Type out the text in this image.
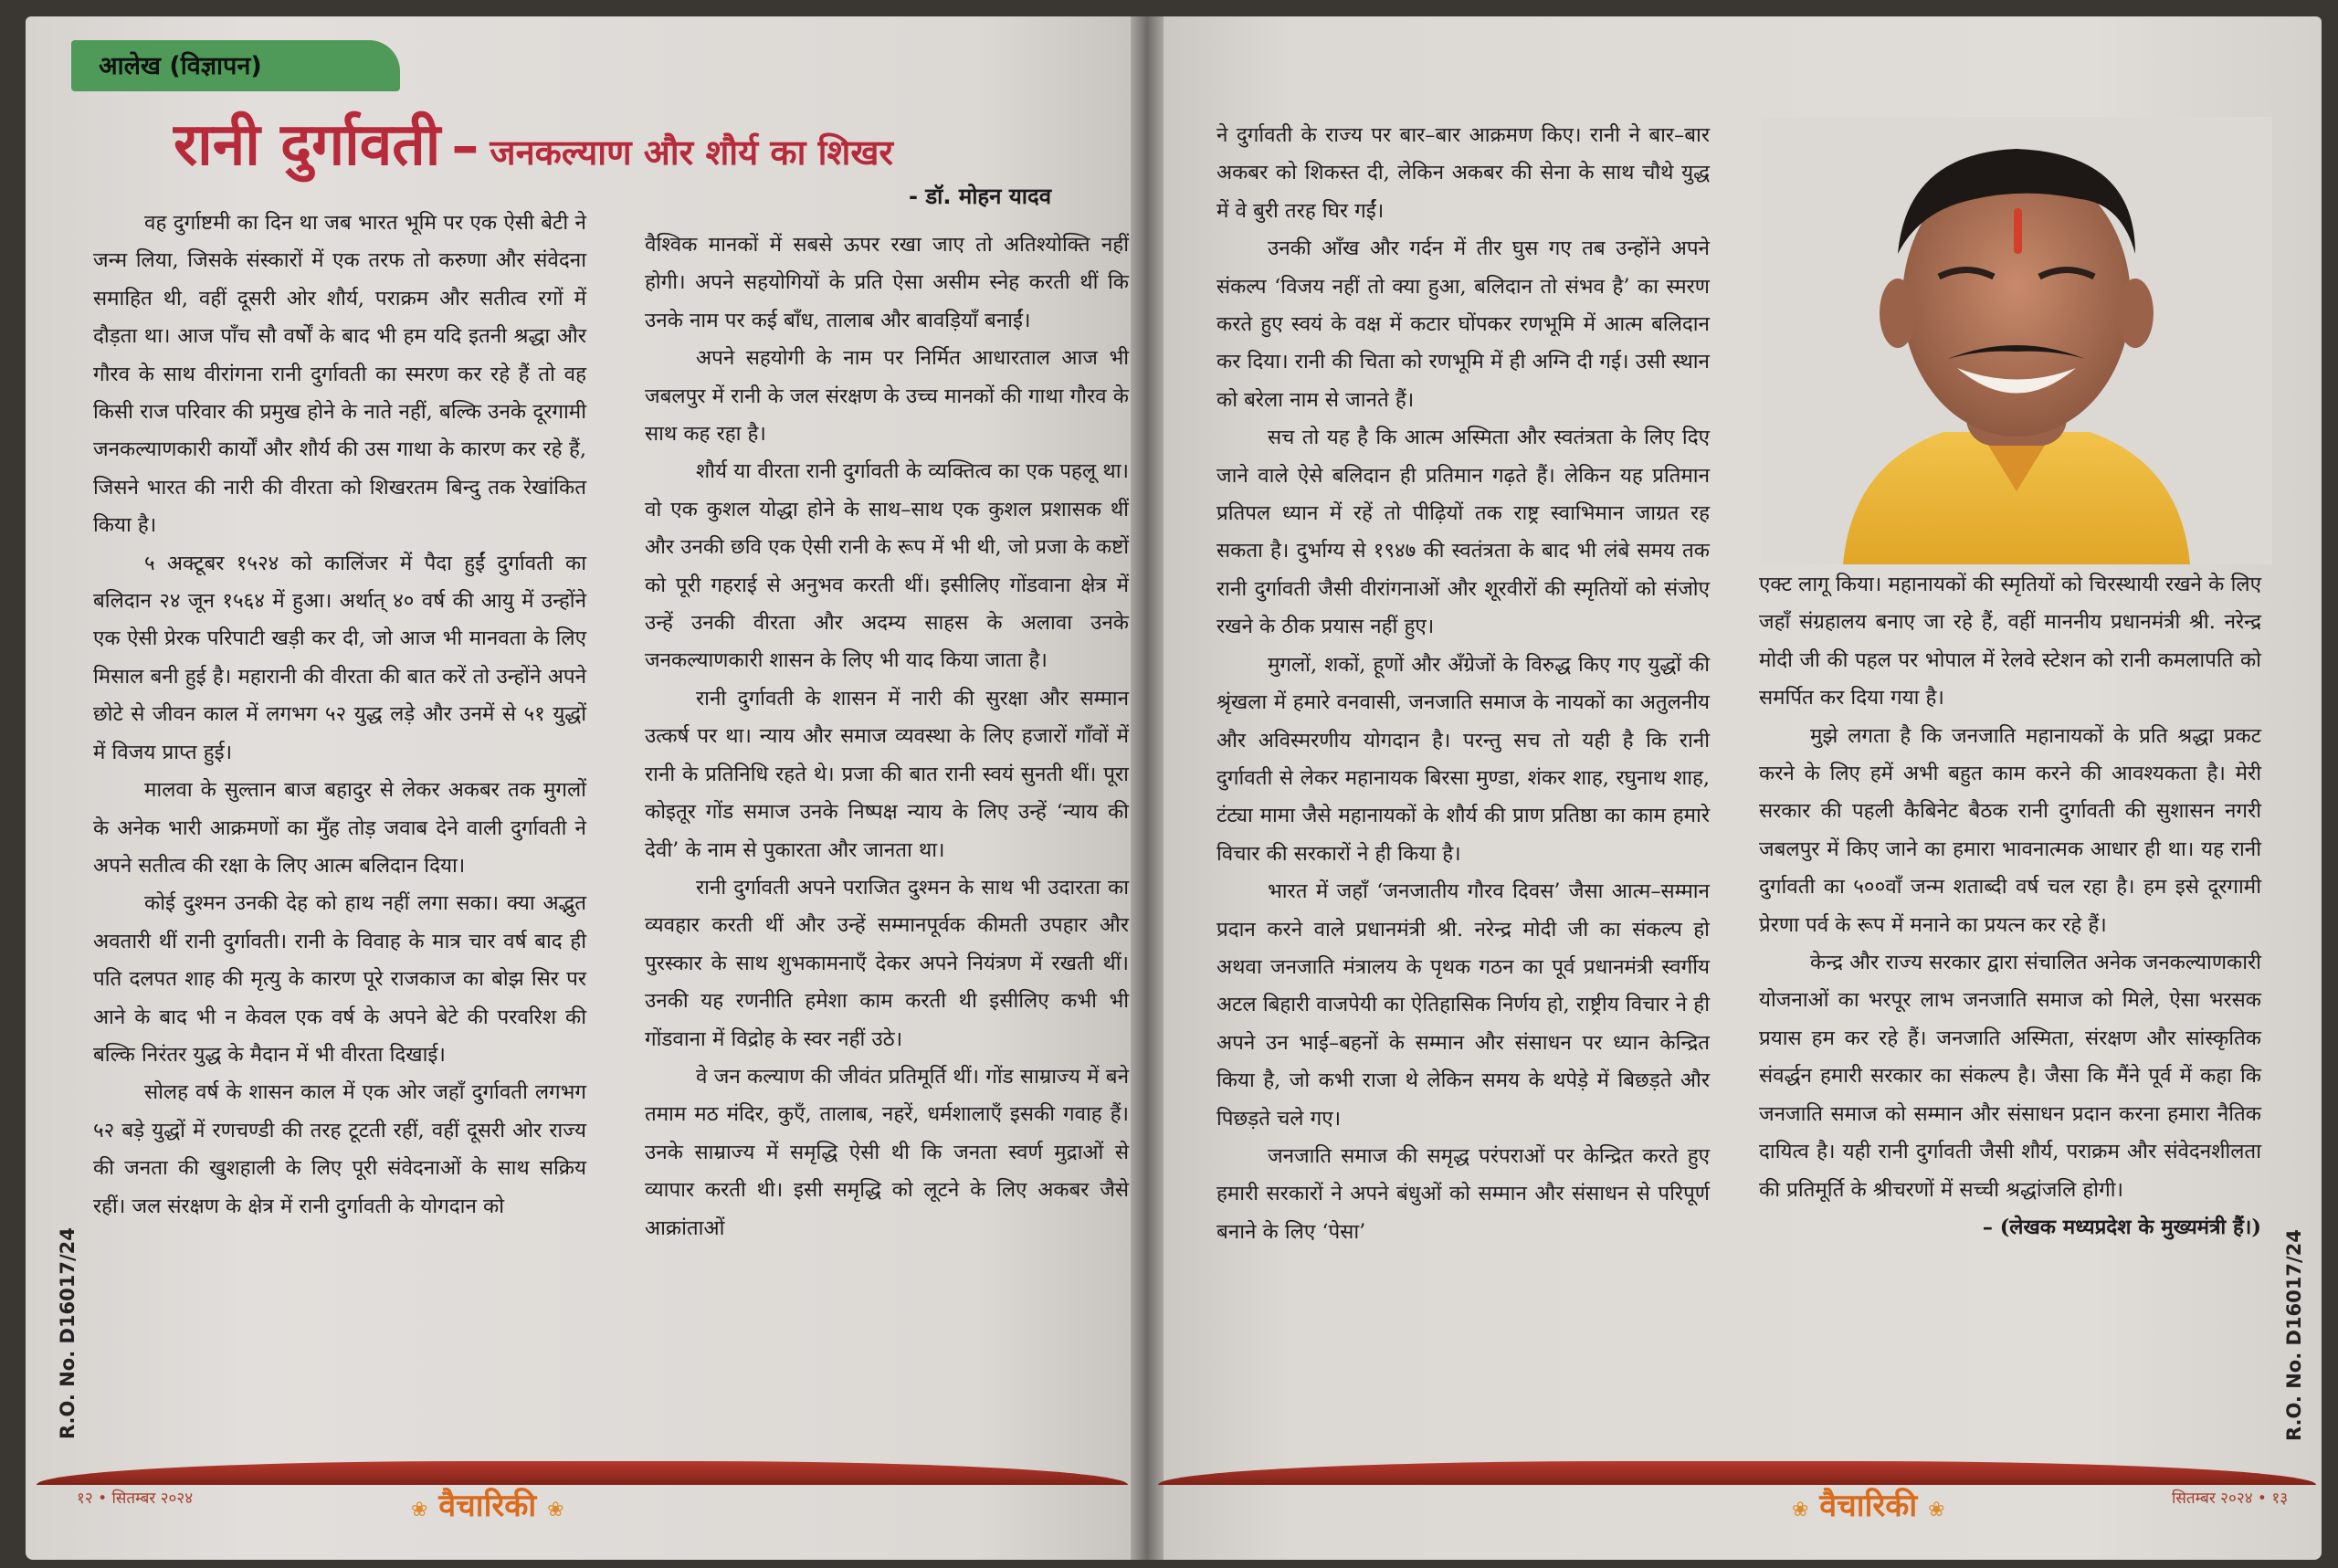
आलेख (विज्ञापन)
रानी दुर्गावती – जनकल्याण और शौर्य का शिखर
- डॉ. मोहन यादव

वह दुर्गाष्टमी का दिन था जब भारत भूमि पर एक ऐसी बेटी ने जन्म लिया, जिसके संस्कारों में एक तरफ तो करुणा और संवेदना समाहित थी, वहीं दूसरी ओर शौर्य, पराक्रम और सतीत्व रगों में दौड़ता था। आज पाँच सौ वर्षों के बाद भी हम यदि इतनी श्रद्धा और गौरव के साथ वीरांगना रानी दुर्गावती का स्मरण कर रहे हैं तो वह किसी राज परिवार की प्रमुख होने के नाते नहीं, बल्कि उनके दूरगामी जनकल्याणकारी कार्यों और शौर्य की उस गाथा के कारण कर रहे हैं, जिसने भारत की नारी की वीरता को शिखरतम बिन्दु तक रेखांकित किया है।

५ अक्टूबर १५२४ को कालिंजर में पैदा हुईं दुर्गावती का बलिदान २४ जून १५६४ में हुआ। अर्थात् ४० वर्ष की आयु में उन्होंने एक ऐसी प्रेरक परिपाटी खड़ी कर दी, जो आज भी मानवता के लिए मिसाल बनी हुई है। महारानी की वीरता की बात करें तो उन्होंने अपने छोटे से जीवन काल में लगभग ५२ युद्ध लड़े और उनमें से ५१ युद्धों में विजय प्राप्त हुई।

मालवा के सुल्तान बाज बहादुर से लेकर अकबर तक मुगलों के अनेक भारी आक्रमणों का मुँह तोड़ जवाब देने वाली दुर्गावती ने अपने सतीत्व की रक्षा के लिए आत्म बलिदान दिया।

कोई दुश्मन उनकी देह को हाथ नहीं लगा सका। क्या अद्भुत अवतारी थीं रानी दुर्गावती। रानी के विवाह के मात्र चार वर्ष बाद ही पति दलपत शाह की मृत्यु के कारण पूरे राजकाज का बोझ सिर पर आने के बाद भी न केवल एक वर्ष के अपने बेटे की परवरिश की बल्कि निरंतर युद्ध के मैदान में भी वीरता दिखाई।

सोलह वर्ष के शासन काल में एक ओर जहाँ दुर्गावती लगभग ५२ बड़े युद्धों में रणचण्डी की तरह टूटती रहीं, वहीं दूसरी ओर राज्य की जनता की खुशहाली के लिए पूरी संवेदनाओं के साथ सक्रिय रहीं। जल संरक्षण के क्षेत्र में रानी दुर्गावती के योगदान को

वैश्विक मानकों में सबसे ऊपर रखा जाए तो अतिश्योक्ति नहीं होगी। अपने सहयोगियों के प्रति ऐसा असीम स्नेह करती थीं कि उनके नाम पर कई बाँध, तालाब और बावड़ियाँ बनाईं।

अपने सहयोगी के नाम पर निर्मित आधारताल आज भी जबलपुर में रानी के जल संरक्षण के उच्च मानकों की गाथा गौरव के साथ कह रहा है।

शौर्य या वीरता रानी दुर्गावती के व्यक्तित्व का एक पहलू था। वो एक कुशल योद्धा होने के साथ–साथ एक कुशल प्रशासक थीं और उनकी छवि एक ऐसी रानी के रूप में भी थी, जो प्रजा के कष्टों को पूरी गहराई से अनुभव करती थीं। इसीलिए गोंडवाना क्षेत्र में उन्हें उनकी वीरता और अदम्य साहस के अलावा उनके जनकल्याणकारी शासन के लिए भी याद किया जाता है।

रानी दुर्गावती के शासन में नारी की सुरक्षा और सम्मान उत्कर्ष पर था। न्याय और समाज व्यवस्था के लिए हजारों गाँवों में रानी के प्रतिनिधि रहते थे। प्रजा की बात रानी स्वयं सुनती थीं। पूरा कोइतूर गोंड समाज उनके निष्पक्ष न्याय के लिए उन्हें ‘न्याय की देवी’ के नाम से पुकारता और जानता था।

रानी दुर्गावती अपने पराजित दुश्मन के साथ भी उदारता का व्यवहार करती थीं और उन्हें सम्मानपूर्वक कीमती उपहार और पुरस्कार के साथ शुभकामनाएँ देकर अपने नियंत्रण में रखती थीं। उनकी यह रणनीति हमेशा काम करती थी इसीलिए कभी भी गोंडवाना में विद्रोह के स्वर नहीं उठे।

वे जन कल्याण की जीवंत प्रतिमूर्ति थीं। गोंड साम्राज्य में बने तमाम मठ मंदिर, कुएँ, तालाब, नहरें, धर्मशालाएँ इसकी गवाह हैं। उनके साम्राज्य में समृद्धि ऐसी थी कि जनता स्वर्ण मुद्राओं से व्यापार करती थी। इसी समृद्धि को लूटने के लिए अकबर जैसे आक्रांताओं

ने दुर्गावती के राज्य पर बार–बार आक्रमण किए। रानी ने बार–बार अकबर को शिकस्त दी, लेकिन अकबर की सेना के साथ चौथे युद्ध में वे बुरी तरह घिर गईं।

उनकी आँख और गर्दन में तीर घुस गए तब उन्होंने अपने संकल्प ‘विजय नहीं तो क्या हुआ, बलिदान तो संभव है’ का स्मरण करते हुए स्वयं के वक्ष में कटार घोंपकर रणभूमि में आत्म बलिदान कर दिया। रानी की चिता को रणभूमि में ही अग्नि दी गई। उसी स्थान को बरेला नाम से जानते हैं।

सच तो यह है कि आत्म अस्मिता और स्वतंत्रता के लिए दिए जाने वाले ऐसे बलिदान ही प्रतिमान गढ़ते हैं। लेकिन यह प्रतिमान प्रतिपल ध्यान में रहें तो पीढ़ियों तक राष्ट्र स्वाभिमान जाग्रत रह सकता है। दुर्भाग्य से १९४७ की स्वतंत्रता के बाद भी लंबे समय तक रानी दुर्गावती जैसी वीरांगनाओं और शूरवीरों की स्मृतियों को संजोए रखने के ठीक प्रयास नहीं हुए।

मुगलों, शकों, हूणों और अँग्रेजों के विरुद्ध किए गए युद्धों की श्रृंखला में हमारे वनवासी, जनजाति समाज के नायकों का अतुलनीय और अविस्मरणीय योगदान है। परन्तु सच तो यही है कि रानी दुर्गावती से लेकर महानायक बिरसा मुण्डा, शंकर शाह, रघुनाथ शाह, टंट्या मामा जैसे महानायकों के शौर्य की प्राण प्रतिष्ठा का काम हमारे विचार की सरकारों ने ही किया है।

भारत में जहाँ ‘जनजातीय गौरव दिवस’ जैसा आत्म–सम्मान प्रदान करने वाले प्रधानमंत्री श्री. नरेन्द्र मोदी जी का संकल्प हो अथवा जनजाति मंत्रालय के पृथक गठन का पूर्व प्रधानमंत्री स्वर्गीय अटल बिहारी वाजपेयी का ऐतिहासिक निर्णय हो, राष्ट्रीय विचार ने ही अपने उन भाई–बहनों के सम्मान और संसाधन पर ध्यान केन्द्रित किया है, जो कभी राजा थे लेकिन समय के थपेड़े में बिछड़ते और पिछड़ते चले गए।

जनजाति समाज की समृद्ध परंपराओं पर केन्द्रित करते हुए हमारी सरकारों ने अपने बंधुओं को सम्मान और संसाधन से परिपूर्ण बनाने के लिए ‘पेसा’

एक्ट लागू किया। महानायकों की स्मृतियों को चिरस्थायी रखने के लिए जहाँ संग्रहालय बनाए जा रहे हैं, वहीं माननीय प्रधानमंत्री श्री. नरेन्द्र मोदी जी की पहल पर भोपाल में रेलवे स्टेशन को रानी कमलापति को समर्पित कर दिया गया है।

मुझे लगता है कि जनजाति महानायकों के प्रति श्रद्धा प्रकट करने के लिए हमें अभी बहुत काम करने की आवश्यकता है। मेरी सरकार की पहली कैबिनेट बैठक रानी दुर्गावती की सुशासन नगरी जबलपुर में किए जाने का हमारा भावनात्मक आधार ही था। यह रानी दुर्गावती का ५००वाँ जन्म शताब्दी वर्ष चल रहा है। हम इसे दूरगामी प्रेरणा पर्व के रूप में मनाने का प्रयत्न कर रहे हैं।

केन्द्र और राज्य सरकार द्वारा संचालित अनेक जनकल्याणकारी योजनाओं का भरपूर लाभ जनजाति समाज को मिले, ऐसा भरसक प्रयास हम कर रहे हैं। जनजाति अस्मिता, संरक्षण और सांस्कृतिक संवर्द्धन हमारी सरकार का संकल्प है। जैसा कि मैंने पूर्व में कहा कि जनजाति समाज को सम्मान और संसाधन प्रदान करना हमारा नैतिक दायित्व है। यही रानी दुर्गावती जैसी शौर्य, पराक्रम और संवेदनशीलता की प्रतिमूर्ति के श्रीचरणों में सच्ची श्रद्धांजलि होगी।

– (लेखक मध्यप्रदेश के मुख्यमंत्री हैं।)

R.O. No. D16017/24	R.O. No. D16017/24
१२ • सितम्बर २०२४	सितम्बर २०२४ • १३
❀ वैचारिकी ❀	❀ वैचारिकी ❀
